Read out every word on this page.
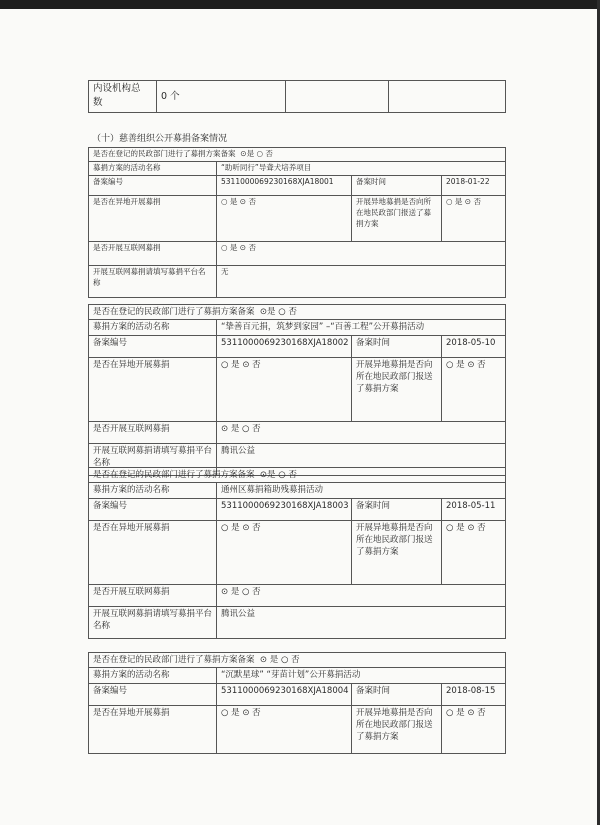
内设机构总
数	0 个		
（十）慈善组织公开募捐备案情况
是否在登记的民政部门进行了募捐方案备案 ⊙是 ○ 否			
募捐方案的活动名称	“助听同行”导聋犬培养项目		
备案编号	5311000069230168XJA18001	备案时间	2018-01-22
是否在异地开展募捐	○ 是 ⊙ 否	开展异地募捐是否向所在地民政部门报送了募捐方案	○ 是 ⊙ 否
是否开展互联网募捐	○ 是 ⊙ 否		
开展互联网募捐请填写募捐平台名称	无		
是否在登记的民政部门进行了募捐方案备案 ⊙是 ○ 否			
募捐方案的活动名称	“挚善百元捐，筑梦到家园” –“百善工程”公开募捐活动		
备案编号	5311000069230168XJA18002	备案时间	2018-05-10
是否在异地开展募捐	○ 是 ⊙ 否	开展异地募捐是否向所在地民政部门报送了募捐方案	○ 是 ⊙ 否
是否开展互联网募捐	⊙ 是 ○ 否		
开展互联网募捐请填写募捐平台名称	腾讯公益		
是否在登记的民政部门进行了募捐方案备案 ⊙是 ○ 否			
募捐方案的活动名称	通州区募捐箱助残募捐活动		
备案编号	5311000069230168XJA18003	备案时间	2018-05-11
是否在异地开展募捐	○ 是 ⊙ 否	开展异地募捐是否向所在地民政部门报送了募捐方案	○ 是 ⊙ 否
是否开展互联网募捐	⊙ 是 ○ 否		
开展互联网募捐请填写募捐平台名称	腾讯公益		
是否在登记的民政部门进行了募捐方案备案 ⊙ 是 ○ 否			
募捐方案的活动名称	“沉默星球” “芽苗计划”公开募捐活动		
备案编号	5311000069230168XJA18004	备案时间	2018-08-15
是否在异地开展募捐	○ 是 ⊙ 否	开展异地募捐是否向所在地民政部门报送了募捐方案	○ 是 ⊙ 否
